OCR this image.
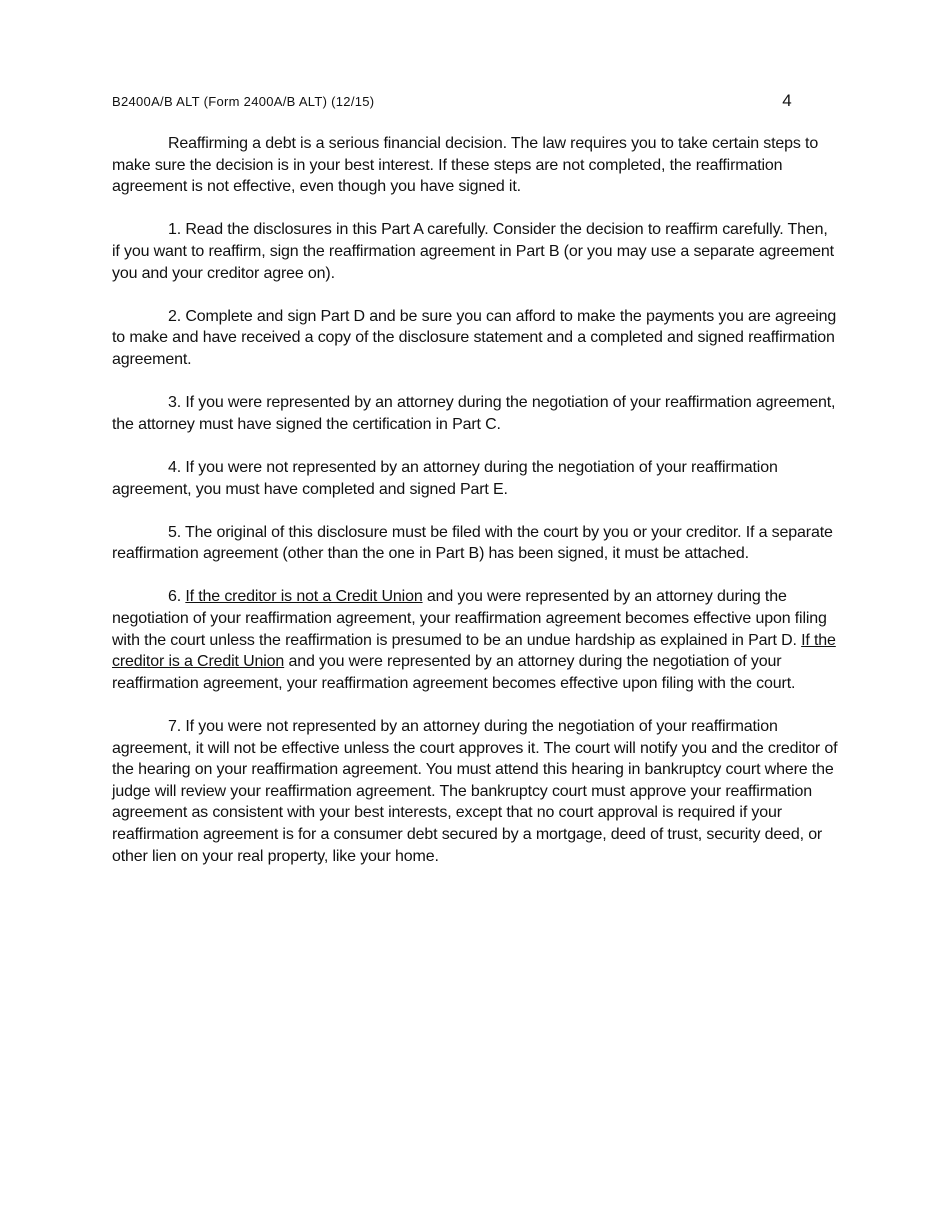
B2400A/B ALT (Form 2400A/B ALT) (12/15)	4

Reaffirming a debt is a serious financial decision. The law requires you to take certain steps to make sure the decision is in your best interest. If these steps are not completed, the reaffirmation agreement is not effective, even though you have signed it.

1. Read the disclosures in this Part A carefully. Consider the decision to reaffirm carefully. Then, if you want to reaffirm, sign the reaffirmation agreement in Part B (or you may use a separate agreement you and your creditor agree on).

2. Complete and sign Part D and be sure you can afford to make the payments you are agreeing to make and have received a copy of the disclosure statement and a completed and signed reaffirmation agreement.

3. If you were represented by an attorney during the negotiation of your reaffirmation agreement, the attorney must have signed the certification in Part C.

4. If you were not represented by an attorney during the negotiation of your reaffirmation agreement, you must have completed and signed Part E.

5. The original of this disclosure must be filed with the court by you or your creditor. If a separate reaffirmation agreement (other than the one in Part B) has been signed, it must be attached.

6. If the creditor is not a Credit Union and you were represented by an attorney during the negotiation of your reaffirmation agreement, your reaffirmation agreement becomes effective upon filing with the court unless the reaffirmation is presumed to be an undue hardship as explained in Part D. If the creditor is a Credit Union and you were represented by an attorney during the negotiation of your reaffirmation agreement, your reaffirmation agreement becomes effective upon filing with the court.

7. If you were not represented by an attorney during the negotiation of your reaffirmation agreement, it will not be effective unless the court approves it. The court will notify you and the creditor of the hearing on your reaffirmation agreement. You must attend this hearing in bankruptcy court where the judge will review your reaffirmation agreement. The bankruptcy court must approve your reaffirmation agreement as consistent with your best interests, except that no court approval is required if your reaffirmation agreement is for a consumer debt secured by a mortgage, deed of trust, security deed, or other lien on your real property, like your home.
